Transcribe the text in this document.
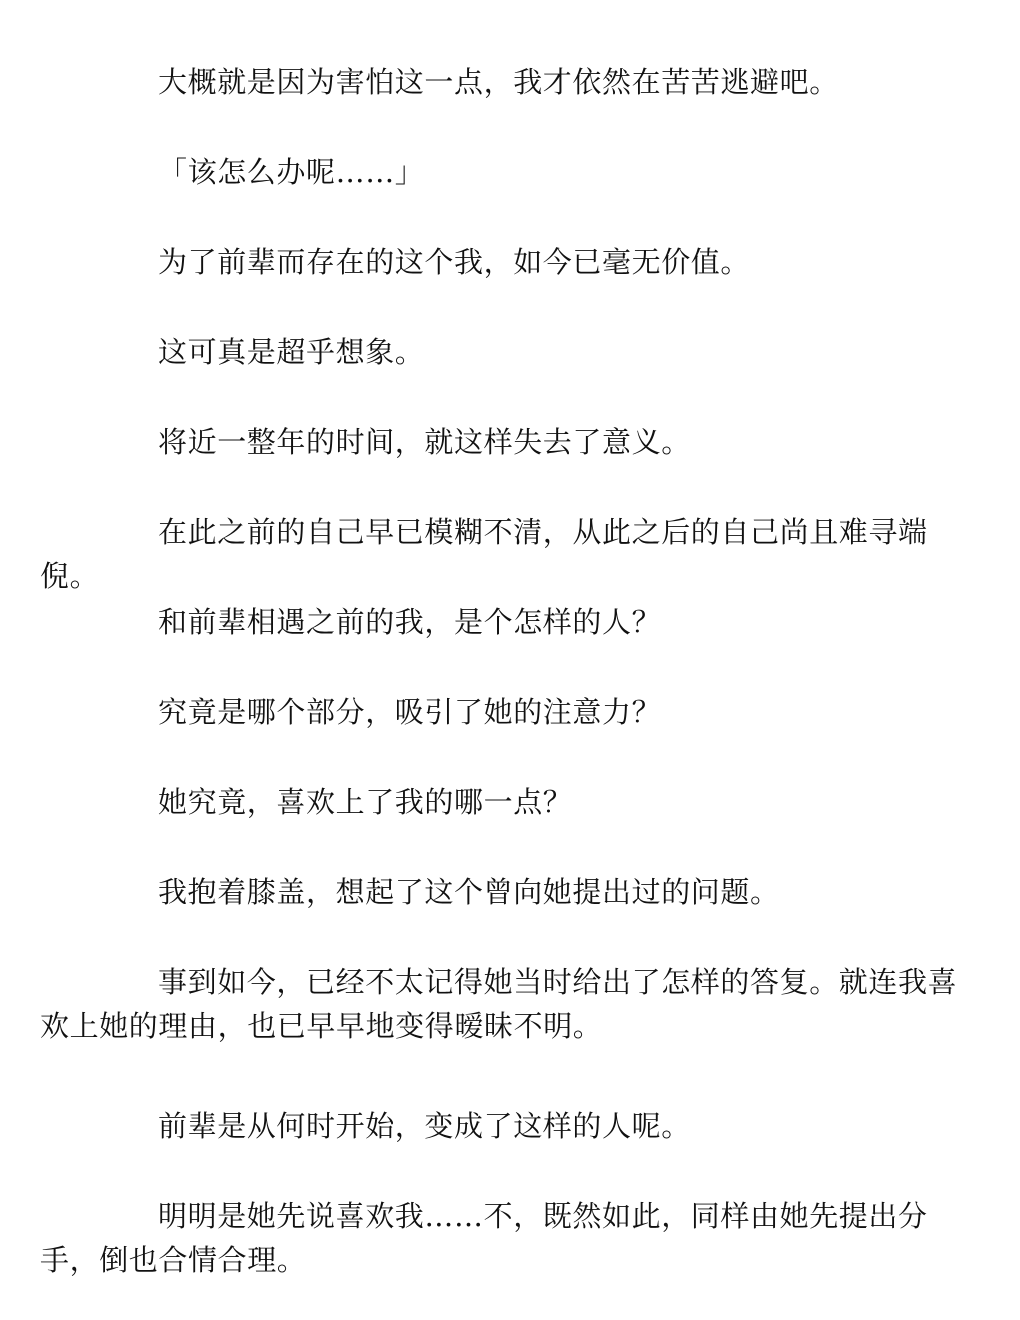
大概就是因为害怕这一点，我才依然在苦苦逃避吧。

「该怎么办呢……」

为了前辈而存在的这个我，如今已毫无价值。

这可真是超乎想象。

将近一整年的时间，就这样失去了意义。

在此之前的自己早已模糊不清，从此之后的自己尚且难寻端倪。

和前辈相遇之前的我，是个怎样的人？

究竟是哪个部分，吸引了她的注意力？

她究竟，喜欢上了我的哪一点？

我抱着膝盖，想起了这个曾向她提出过的问题。

事到如今，已经不太记得她当时给出了怎样的答复。就连我喜欢上她的理由，也已早早地变得暧昧不明。

前辈是从何时开始，变成了这样的人呢。

明明是她先说喜欢我……不，既然如此，同样由她先提出分手，倒也合情合理。
